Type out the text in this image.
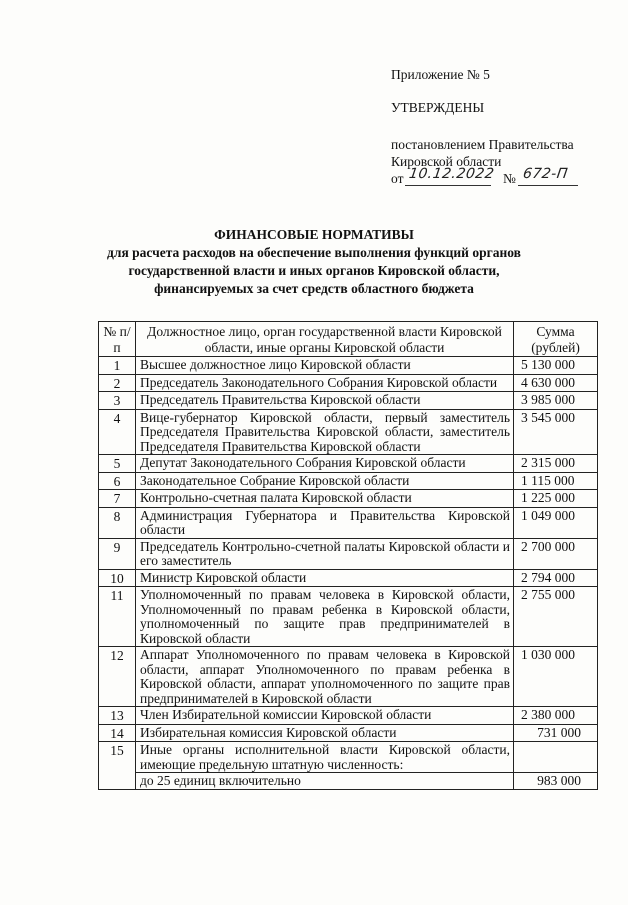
Приложение № 5
УТВЕРЖДЕНЫ
постановлением Правительства
Кировской области
от 10.12.2022 № 672-П
ФИНАНСОВЫЕ НОРМАТИВЫ
для расчета расходов на обеспечение выполнения функций органов
государственной власти и иных органов Кировской области,
финансируемых за счет средств областного бюджета
№ п/п	Должностное лицо, орган государственной власти Кировской области, иные органы Кировской области	Сумма (рублей)
1	Высшее должностное лицо Кировской области	5 130 000
2	Председатель Законодательного Собрания Кировской области	4 630 000
3	Председатель Правительства Кировской области	3 985 000
4	Вице-губернатор Кировской области, первый заместитель Председателя Правительства Кировской области, заместитель Председателя Правительства Кировской области	3 545 000
5	Депутат Законодательного Собрания Кировской области	2 315 000
6	Законодательное Собрание Кировской области	1 115 000
7	Контрольно-счетная палата Кировской области	1 225 000
8	Администрация Губернатора и Правительства Кировской области	1 049 000
9	Председатель Контрольно-счетной палаты Кировской области и его заместитель	2 700 000
10	Министр Кировской области	2 794 000
11	Уполномоченный по правам человека в Кировской области, Уполномоченный по правам ребенка в Кировской области, уполномоченный по защите прав предпринимателей в Кировской области	2 755 000
12	Аппарат Уполномоченного по правам человека в Кировской области, аппарат Уполномоченного по правам ребенка в Кировской области, аппарат уполномоченного по защите прав предпринимателей в Кировской области	1 030 000
13	Член Избирательной комиссии Кировской области	2 380 000
14	Избирательная комиссия Кировской области	731 000
15	Иные органы исполнительной власти Кировской области, имеющие предельную штатную численность:	
	до 25 единиц включительно	983 000
